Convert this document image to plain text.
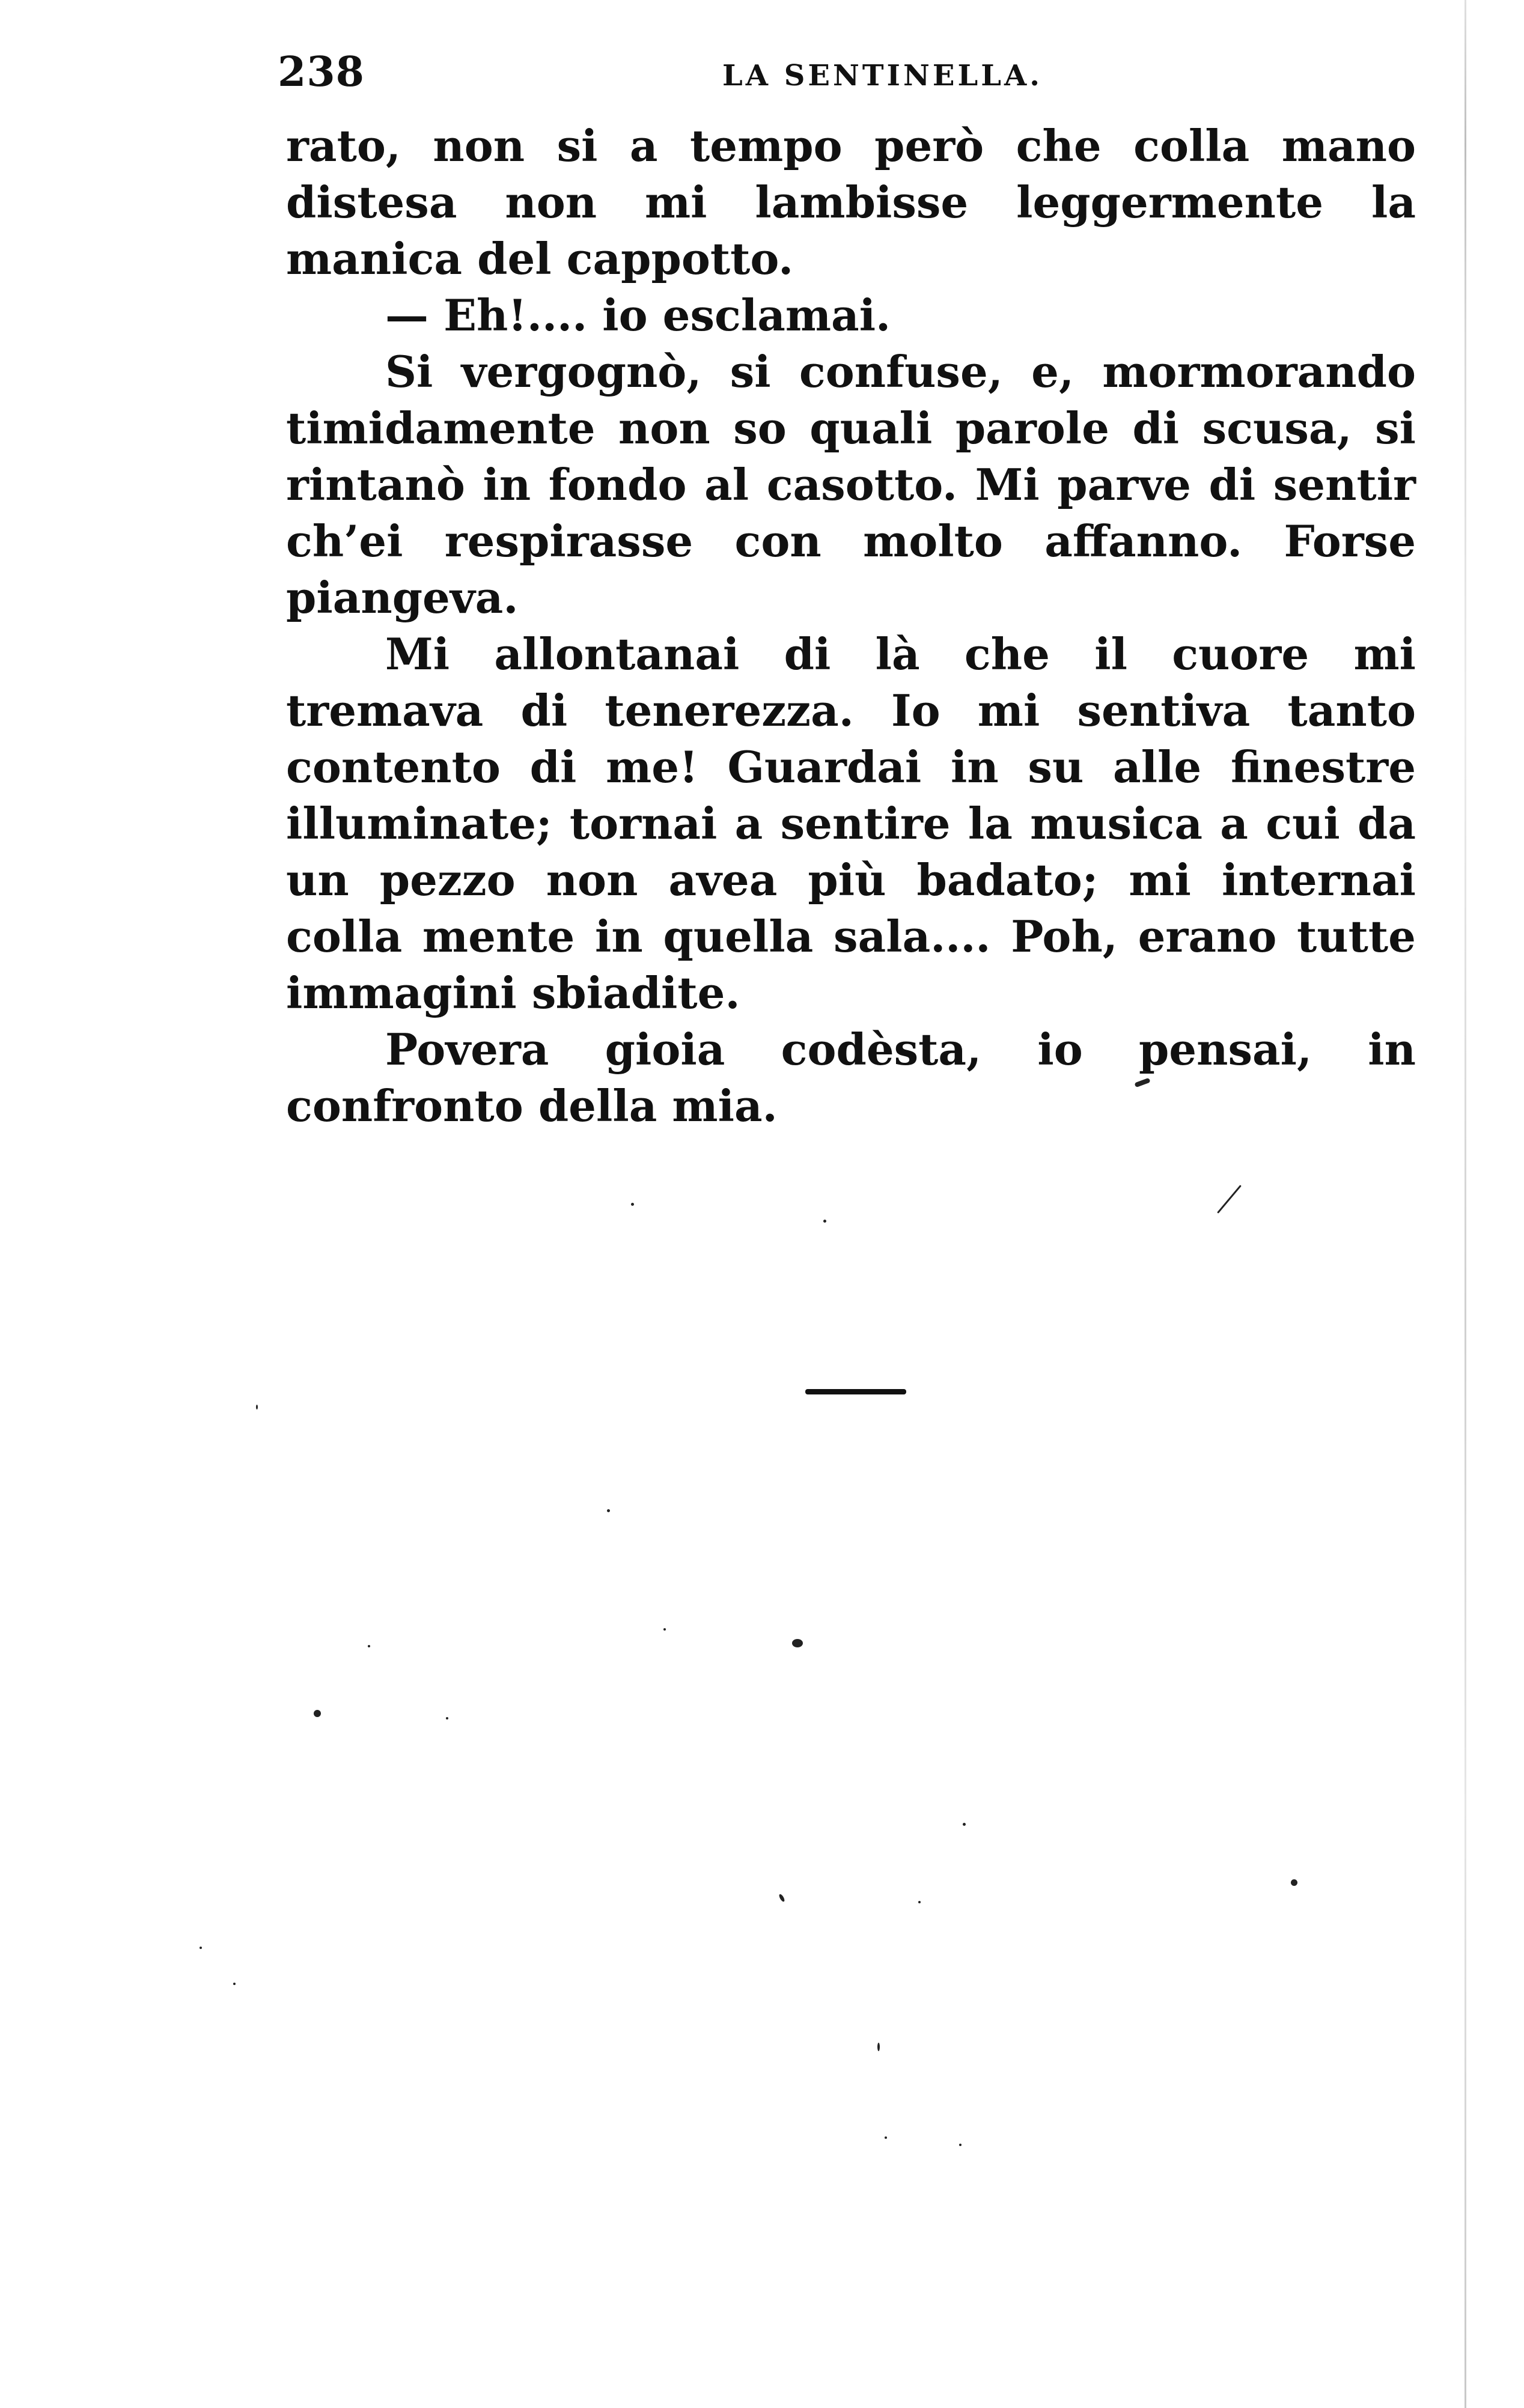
238	LA SENTINELLA.

rato, non si a tempo però che colla mano distesa non mi lambisse leggermente la manica del cappotto.

— Eh!.... io esclamai.

Si vergognò, si confuse, e, mormorando timidamente non so quali parole di scusa, si rintanò in fondo al casotto. Mi parve di sentir ch’ei respirasse con molto affanno. Forse piangeva.

Mi allontanai di là che il cuore mi tremava di tenerezza. Io mi sentiva tanto contento di me! Guardai in su alle finestre illuminate; tornai a sentire la musica a cui da un pezzo non avea più badato; mi internai colla mente in quella sala.... Poh, erano tutte immagini sbiadite.

Povera gioia codèsta, io pensai, in confronto della mia.
